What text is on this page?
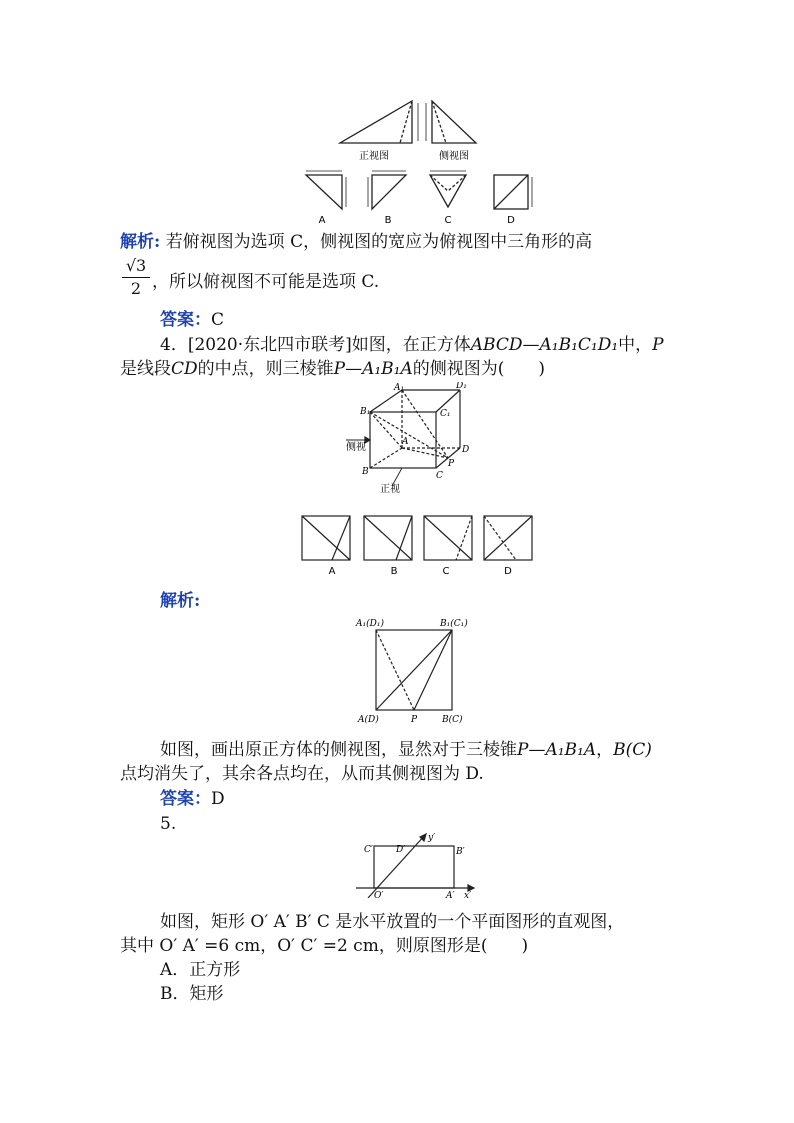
正视图	侧视图
A	B	C	D
解析: 若俯视图为选项 C，侧视图的宽应为俯视图中三角形的高
√3
2 ，所以俯视图不可能是选项 C.
答案：C
4．[2020·东北四市联考]如图，在正方体ABCD—A₁B₁C₁D₁中，P
是线段CD的中点，则三棱锥P—A₁B₁A的侧视图为(　　)
A₁	D₁
B₁	C₁
A
D
P
B	C
侧视
正视
A	B	C	D
解析:
A₁(D₁)	B₁(C₁)
A(D)	P	B(C)
如图，画出原正方体的侧视图，显然对于三棱锥P—A₁B₁A，B(C)
点均消失了，其余各点均在，从而其侧视图为 D.
答案：D
5.
C′	D′
y′
B′
O′	A′ x′
如图，矩形 O′ A′ B′ C 是水平放置的一个平面图形的直观图，
其中 O′ A′ =6 cm，O′ C′ =2 cm，则原图形是(　　)
A．正方形
B．矩形
